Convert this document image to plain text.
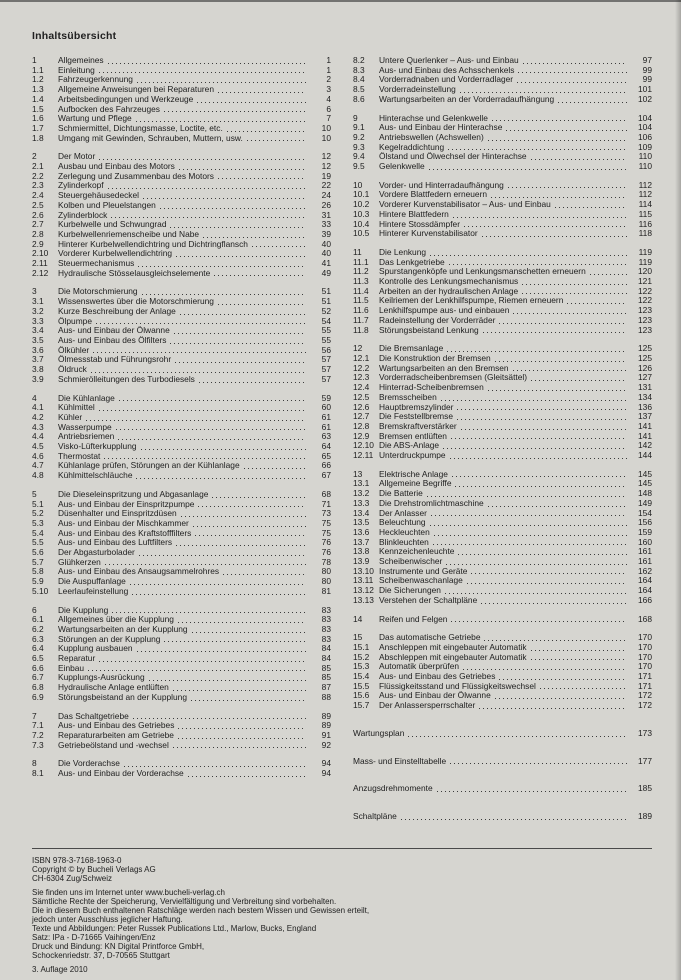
Inhaltsübersicht
1	Allgemeines	1
1.1	Einleitung	1
1.2	Fahrzeugerkennung	2
1.3	Allgemeine Anweisungen bei Reparaturen	3
1.4	Arbeitsbedingungen und Werkzeuge	4
1.5	Aufbocken des Fahrzeuges	6
1.6	Wartung und Pflege	7
1.7	Schmiermittel, Dichtungsmasse, Loctite, etc.	10
1.8	Umgang mit Gewinden, Schrauben, Muttern, usw.	10
2	Der Motor	12
2.1	Ausbau und Einbau des Motors	12
2.2	Zerlegung und Zusammenbau des Motors	19
2.3	Zylinderkopf	22
2.4	Steuergehäusedeckel	24
2.5	Kolben und Pleuelstangen	26
2.6	Zylinderblock	31
2.7	Kurbelwelle und Schwungrad	33
2.8	Kurbelwellenriemenscheibe und Nabe	39
2.9	Hinterer Kurbelwellendichtring und Dichtringflansch	40
2.10	Vorderer Kurbelwellendichtring	40
2.11	Steuermechanismus	41
2.12	Hydraulische Stösselausgleichselemente	49
3	Die Motorschmierung	51
3.1	Wissenswertes über die Motorschmierung	51
3.2	Kurze Beschreibung der Anlage	52
3.3	Ölpumpe	54
3.4	Aus- und Einbau der Ölwanne	55
3.5	Aus- und Einbau des Ölfilters	55
3.6	Ölkühler	56
3.7	Ölmessstab und Führungsrohr	57
3.8	Öldruck	57
3.9	Schmierölleitungen des Turbodiesels	57
4	Die Kühlanlage	59
4.1	Kühlmittel	60
4.2	Kühler	61
4.3	Wasserpumpe	61
4.4	Antriebsriemen	63
4.5	Visko-Lüfterkupplung	64
4.6	Thermostat	65
4.7	Kühlanlage prüfen, Störungen an der Kühlanlage	66
4.8	Kühlmittelschläuche	67
5	Die Dieseleinspritzung und Abgasanlage	68
5.1	Aus- und Einbau der Einspritzpumpe	71
5.2	Düsenhalter und Einspritzdüsen	73
5.3	Aus- und Einbau der Mischkammer	75
5.4	Aus- und Einbau des Kraftstofffilters	75
5.5	Aus- und Einbau des Luftfilters	76
5.6	Der Abgasturbolader	76
5.7	Glühkerzen	78
5.8	Aus- und Einbau des Ansaugsammelrohres	80
5.9	Die Auspuffanlage	80
5.10	Leerlaufeinstellung	81
6	Die Kupplung	83
6.1	Allgemeines über die Kupplung	83
6.2	Wartungsarbeiten an der Kupplung	83
6.3	Störungen an der Kupplung	83
6.4	Kupplung ausbauen	84
6.5	Reparatur	84
6.6	Einbau	85
6.7	Kupplungs-Ausrückung	85
6.8	Hydraulische Anlage entlüften	87
6.9	Störungsbeistand an der Kupplung	88
7	Das Schaltgetriebe	89
7.1	Aus- und Einbau des Getriebes	89
7.2	Reparaturarbeiten am Getriebe	91
7.3	Getriebeölstand und -wechsel	92
8	Die Vorderachse	94
8.1	Aus- und Einbau der Vorderachse	94
8.2	Untere Querlenker – Aus- und Einbau	97
8.3	Aus- und Einbau des Achsschenkels	99
8.4	Vorderradnaben und Vorderradlager	99
8.5	Vorderradeinstellung	101
8.6	Wartungsarbeiten an der Vorderradaufhängung	102
9	Hinterachse und Gelenkwelle	104
9.1	Aus- und Einbau der Hinterachse	104
9.2	Antriebswellen (Achswellen)	106
9.3	Kegelraddichtung	109
9.4	Ölstand und Ölwechsel der Hinterachse	110
9.5	Gelenkwelle	110
10	Vorder- und Hinterradaufhängung	112
10.1	Vordere Blattfedern erneuern	112
10.2	Vorderer Kurvenstabilisator – Aus- und Einbau	114
10.3	Hintere Blattfedern	115
10.4	Hintere Stossdämpfer	116
10.5	Hinterer Kurvenstabilisator	118
11	Die Lenkung	119
11.1	Das Lenkgetriebe	119
11.2	Spurstangenköpfe und Lenkungsmanschetten erneuern	120
11.3	Kontrolle des Lenkungsmechanismus	121
11.4	Arbeiten an der hydraulischen Anlage	122
11.5	Keilriemen der Lenkhilfspumpe, Riemen erneuern	122
11.6	Lenkhilfspumpe aus- und einbauen	123
11.7	Radeinstellung der Vorderräder	123
11.8	Störungsbeistand Lenkung	123
12	Die Bremsanlage	125
12.1	Die Konstruktion der Bremsen	125
12.2	Wartungsarbeiten an den Bremsen	126
12.3	Vorderradscheibenbremsen (Gleitsättel)	127
12.4	Hinterrad-Scheibenbremsen	131
12.5	Bremsscheiben	134
12.6	Hauptbremszylinder	136
12.7	Die Feststellbremse	137
12.8	Bremskraftverstärker	141
12.9	Bremsen entlüften	141
12.10 Die ABS-Anlage	142
12.11 Unterdruckpumpe	144
13	Elektrische Anlage	145
13.1	Allgemeine Begriffe	145
13.2	Die Batterie	148
13.3	Die Drehstromlichtmaschine	149
13.4	Der Anlasser	154
13.5	Beleuchtung	156
13.6	Heckleuchten	159
13.7	Blinkleuchten	160
13.8	Kennzeichenleuchte	161
13.9	Scheibenwischer	161
13.10 Instrumente und Geräte	162
13.11 Scheibenwaschanlage	164
13.12 Die Sicherungen	164
13.13 Verstehen der Schaltpläne	166
14	Reifen und Felgen	168
15	Das automatische Getriebe	170
15.1	Anschleppen mit eingebauter Automatik	170
15.2	Abschleppen mit eingebauter Automatik	170
15.3	Automatik überprüfen	170
15.4	Aus- und Einbau des Getriebes	171
15.5	Flüssigkeitsstand und Flüssigkeitswechsel	171
15.6	Aus- und Einbau der Ölwanne	172
15.7	Der Anlassersperrschalter	172
Wartungsplan	173
Mass- und Einstelltabelle	177
Anzugsdrehmomente	185
Schaltpläne	189
ISBN 978-3-7168-1963-0
Copyright © by Bucheli Verlags AG
CH-6304 Zug/Schweiz
Sie finden uns im Internet unter www.bucheli-verlag.ch
Sämtliche Rechte der Speicherung, Vervielfältigung und Verbreitung sind vorbehalten.
Die in diesem Buch enthaltenen Ratschläge werden nach bestem Wissen und Gewissen erteilt, jedoch unter Ausschluss jeglicher Haftung.
Texte und Abbildungen: Peter Russek Publications Ltd., Marlow, Bucks, England
Satz: IPa - D-71665 Vaihingen/Enz
Druck und Bindung: KN Digital Printforce GmbH,
Schockenriedstr. 37, D-70565 Stuttgart
3. Auflage 2010
